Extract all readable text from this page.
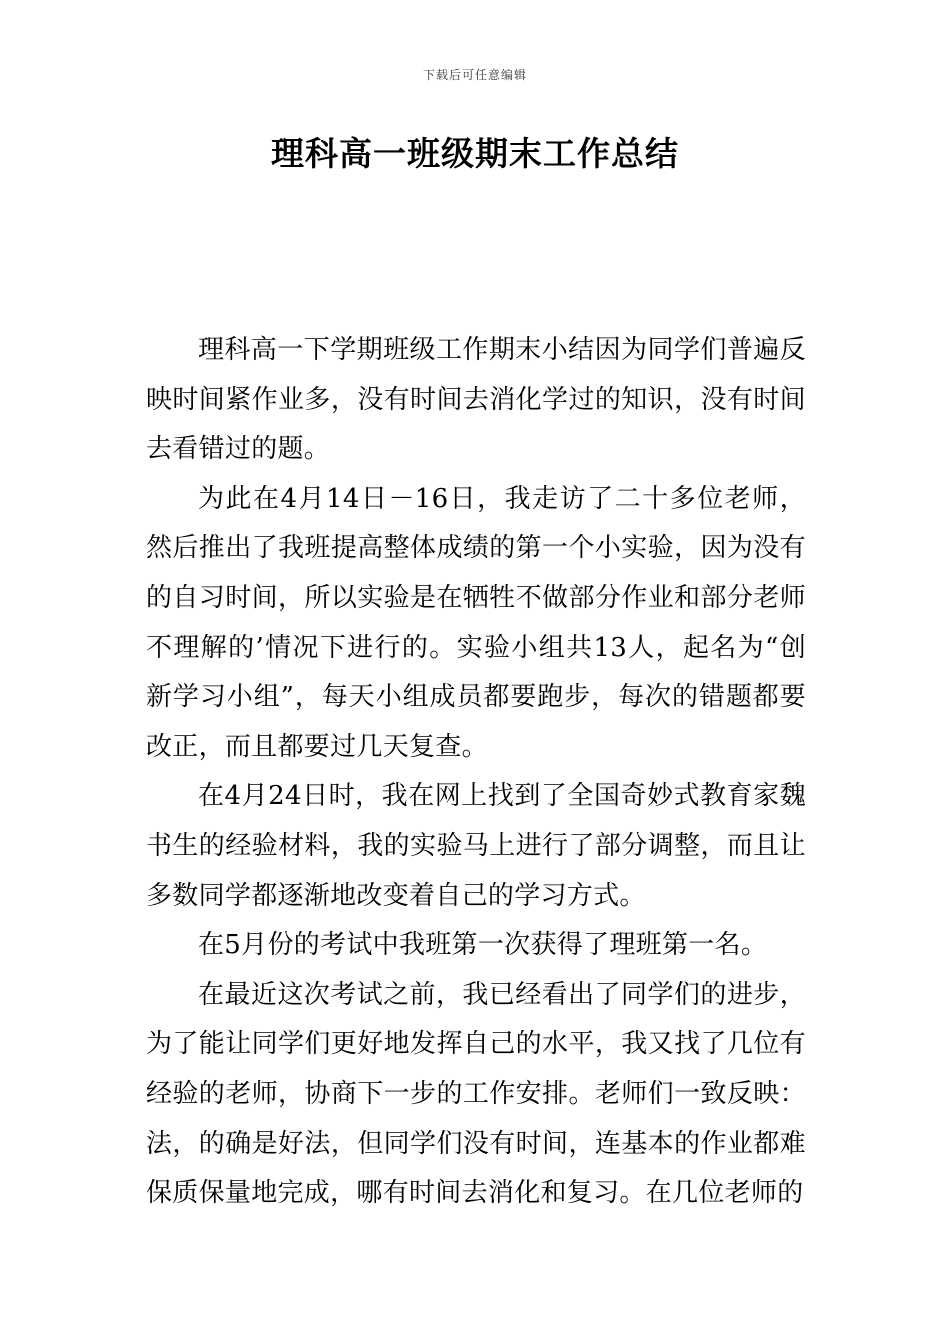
下载后可任意编辑
理科高一班级期末工作总结

理科高一下学期班级工作期末小结因为同学们普遍反映时间紧作业多，没有时间去消化学过的知识，没有时间去看错过的题。

为此在4月14日－16日，我走访了二十多位老师，然后推出了我班提高整体成绩的第一个小实验，因为没有的自习时间，所以实验是在牺牲不做部分作业和部分老师不理解的’情况下进行的。实验小组共13人，起名为“创新学习小组”，每天小组成员都要跑步，每次的错题都要改正，而且都要过几天复查。

在4月24日时，我在网上找到了全国奇妙式教育家魏书生的经验材料，我的实验马上进行了部分调整，而且让多数同学都逐渐地改变着自己的学习方式。

在5月份的考试中我班第一次获得了理班第一名。

在最近这次考试之前，我已经看出了同学们的进步，为了能让同学们更好地发挥自己的水平，我又找了几位有经验的老师，协商下一步的工作安排。老师们一致反映：法，的确是好法，但同学们没有时间，连基本的作业都难保质保量地完成，哪有时间去消化和复习。在几位老师的
